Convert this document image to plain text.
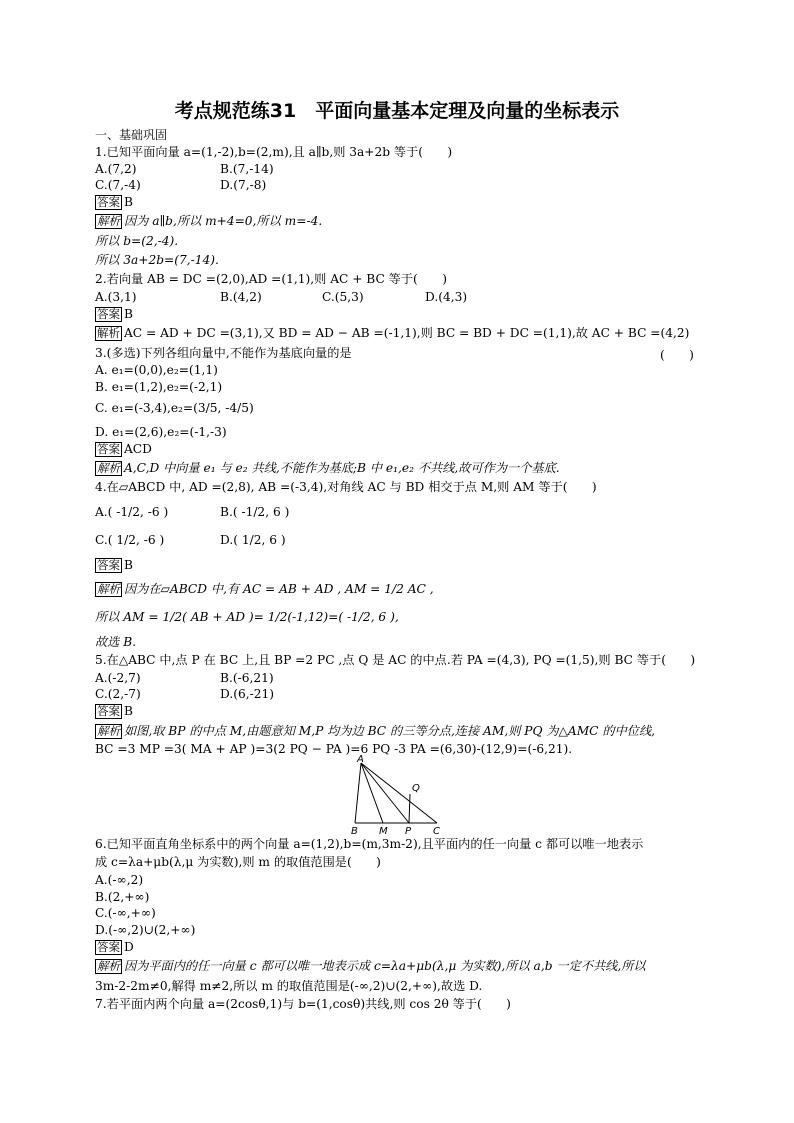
考点规范练31　平面向量基本定理及向量的坐标表示
一、基础巩固
1.已知平面向量 a=(1,-2),b=(2,m),且 a∥b,则 3a+2b 等于(　　)
A.(7,2)	B.(7,-14)
C.(7,-4)	D.(7,-8)
答案 B
解析 因为 a∥b,所以 m+4=0,所以 m=-4.
所以 b=(2,-4).
所以 3a+2b=(7,-14).
2.若向量 AB = DC =(2,0),AD =(1,1),则 AC + BC 等于(　　)
A.(3,1)	B.(4,2)	C.(5,3)	D.(4,3)
答案 B
解析 AC = AD + DC =(3,1),又 BD = AD − AB =(-1,1),则 BC = BD + DC =(1,1),故 AC + BC =(4,2)
3.(多选)下列各组向量中,不能作为基底向量的是	(　　)
A. e₁=(0,0),e₂=(1,1)
B. e₁=(1,2),e₂=(-2,1)
C. e₁=(-3,4),e₂=(3/5, -4/5)
D. e₁=(2,6),e₂=(-1,-3)
答案 ACD
解析 A,C,D 中向量 e₁ 与 e₂ 共线,不能作为基底;B 中 e₁,e₂ 不共线,故可作为一个基底.
4.在▱ABCD 中, AD =(2,8), AB =(-3,4),对角线 AC 与 BD 相交于点 M,则 AM 等于(　　)
A.( -1/2, -6 )	B.( -1/2, 6 )
C.( 1/2, -6 )	D.( 1/2, 6 )
答案 B
解析 因为在▱ABCD 中,有 AC = AB + AD , AM = 1/2 AC ,
所以 AM = 1/2( AB + AD )= 1/2(-1,12)=( -1/2, 6 ),
故选 B.
5.在△ABC 中,点 P 在 BC 上,且 BP =2 PC ,点 Q 是 AC 的中点.若 PA =(4,3), PQ =(1,5),则 BC 等于(　　)
A.(-2,7)	B.(-6,21)
C.(2,-7)	D.(6,-21)
答案 B
解析 如图,取 BP 的中点 M,由题意知 M,P 均为边 BC 的三等分点,连接 AM,则 PQ 为△AMC 的中位线,
BC =3 MP =3( MA + AP )=3(2 PQ − PA )=6 PQ -3 PA =(6,30)-(12,9)=(-6,21).
A
Q
B M P C
6.已知平面直角坐标系中的两个向量 a=(1,2),b=(m,3m-2),且平面内的任一向量 c 都可以唯一地表示
成 c=λa+μb(λ,μ 为实数),则 m 的取值范围是(　　)
A.(-∞,2)
B.(2,+∞)
C.(-∞,+∞)
D.(-∞,2)∪(2,+∞)
答案 D
解析 因为平面内的任一向量 c 都可以唯一地表示成 c=λa+μb(λ,μ 为实数),所以 a,b 一定不共线,所以
3m-2-2m≠0,解得 m≠2,所以 m 的取值范围是(-∞,2)∪(2,+∞),故选 D.
7.若平面内两个向量 a=(2cosθ,1)与 b=(1,cosθ)共线,则 cos 2θ 等于(　　)
